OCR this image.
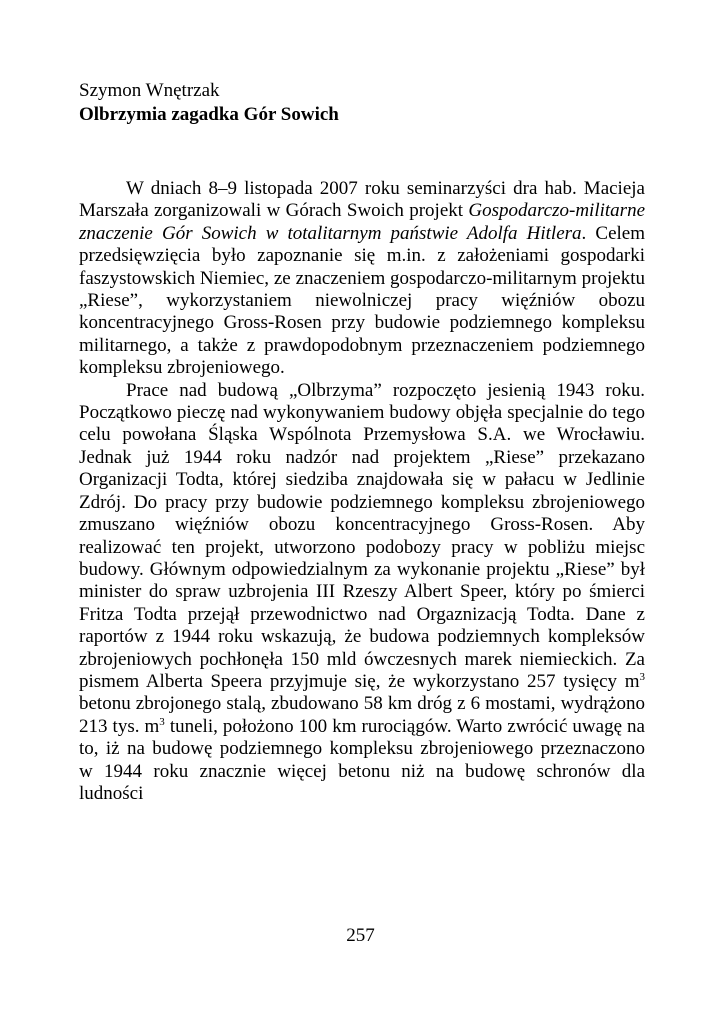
Szymon Wnętrzak
Olbrzymia zagadka Gór Sowich

W dniach 8–9 listopada 2007 roku seminarzyści dra hab. Macieja Marszała zorganizowali w Górach Swoich projekt Gospodarczo-militarne znaczenie Gór Sowich w totalitarnym państwie Adolfa Hitlera. Celem przedsięwzięcia było zapoznanie się m.in. z założeniami gospodarki faszystowskich Niemiec, ze znaczeniem gospodarczo-militarnym projektu „Riese”, wykorzystaniem niewolniczej pracy więźniów obozu koncentracyjnego Gross-Rosen przy budowie podziemnego kompleksu militarnego, a także z prawdopodobnym przeznaczeniem podziemnego kompleksu zbrojeniowego.

Prace nad budową „Olbrzyma” rozpoczęto jesienią 1943 roku. Początkowo pieczę nad wykonywaniem budowy objęła specjalnie do tego celu powołana Śląska Wspólnota Przemysłowa S.A. we Wrocławiu. Jednak już 1944 roku nadzór nad projektem „Riese” przekazano Organizacji Todta, której siedziba znajdowała się w pałacu w Jedlinie Zdrój. Do pracy przy budowie podziemnego kompleksu zbrojeniowego zmuszano więźniów obozu koncentracyjnego Gross-Rosen. Aby realizować ten projekt, utworzono podobozy pracy w pobliżu miejsc budowy. Głównym odpowiedzialnym za wykonanie projektu „Riese” był minister do spraw uzbrojenia III Rzeszy Albert Speer, który po śmierci Fritza Todta przejął przewodnictwo nad Orgaznizacją Todta. Dane z raportów z 1944 roku wskazują, że budowa podziemnych kompleksów zbrojeniowych pochłonęła 150 mld ówczesnych marek niemieckich. Za pismem Alberta Speera przyjmuje się, że wykorzystano 257 tysięcy $m^3$ betonu zbrojonego stalą, zbudowano 58 km dróg z 6 mostami, wydrążono 213 tys. $m^3$ tuneli, położono 100 km rurociągów. Warto zwrócić uwagę na to, iż na budowę podziemnego kompleksu zbrojeniowego przeznaczono w 1944 roku znacznie więcej betonu niż na budowę schronów dla ludności

257
